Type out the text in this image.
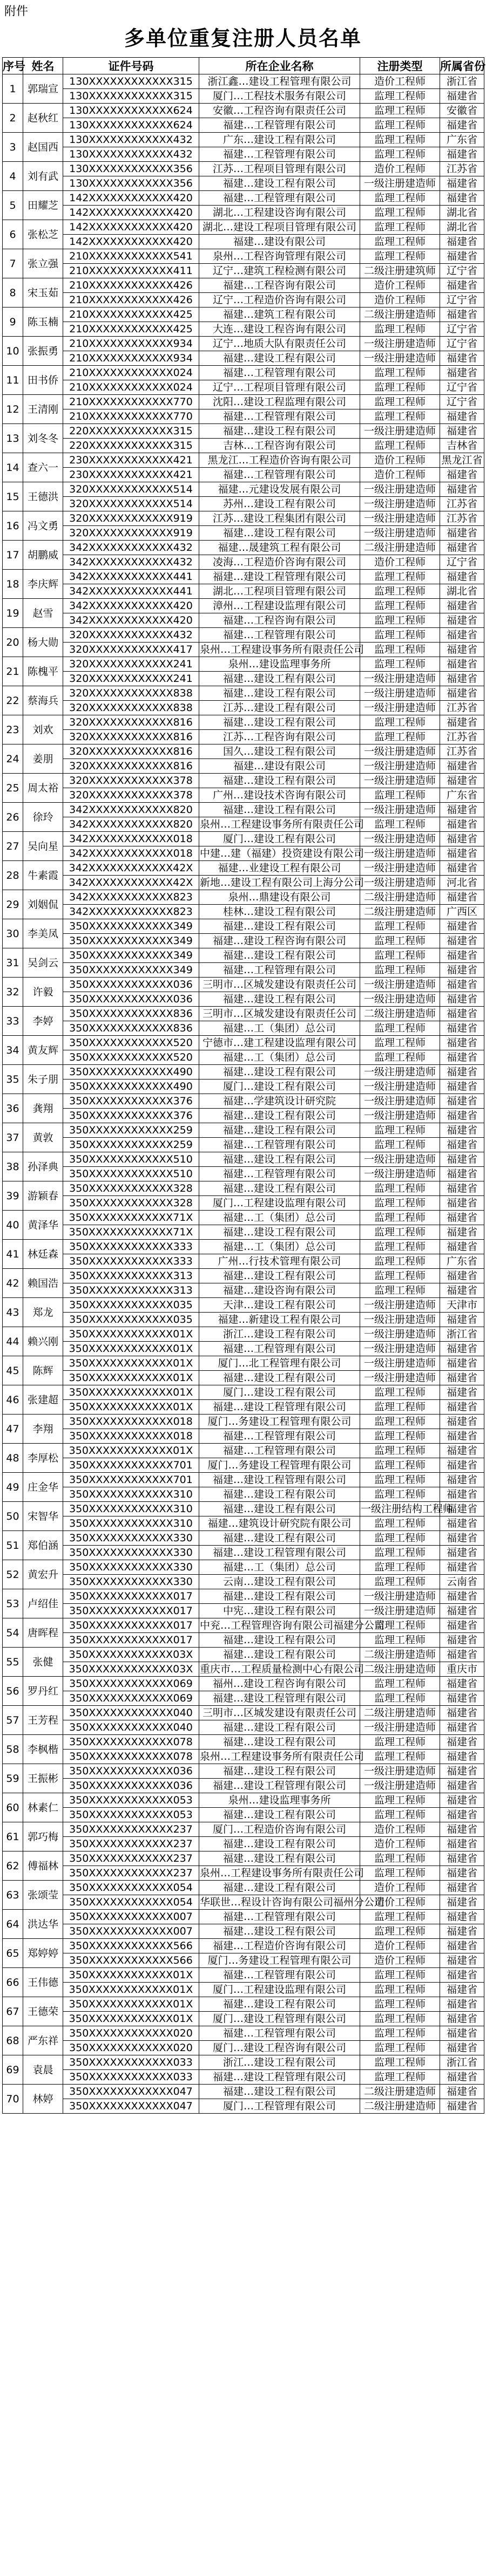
附件
多单位重复注册人员名单
序号	姓名	证件号码	所在企业名称	注册类型	所属省份
1	郭瑞宣	130XXXXXXXXXXXX315	浙江鑫…建设工程管理有限公司	造价工程师	浙江省
		130XXXXXXXXXXXX315	厦门…工程技术服务有限公司	监理工程师	福建省
2	赵秋红	130XXXXXXXXXXXX624	安徽…工程咨询有限责任公司	监理工程师	安徽省
		130XXXXXXXXXXXX624	福建…工程管理有限公司	监理工程师	福建省
3	赵国西	130XXXXXXXXXXXX432	广东…建设工程有限公司	监理工程师	广东省
		130XXXXXXXXXXXX432	福建…工程管理有限公司	监理工程师	福建省
4	刘有武	130XXXXXXXXXXXX356	江苏…工程项目管理有限公司	造价工程师	江苏省
		130XXXXXXXXXXXX356	福建…建设工程有限公司	一级注册建造师	福建省
5	田耀芝	142XXXXXXXXXXXX420	福建…工程管理有限公司	监理工程师	福建省
		142XXXXXXXXXXXX420	湖北…工程建设咨询有限公司	监理工程师	湖北省
6	张松芝	142XXXXXXXXXXXX420	湖北…建设工程项目管理有限公司	监理工程师	湖北省
		142XXXXXXXXXXXX420	福建…建设有限公司	监理工程师	福建省
7	张立强	210XXXXXXXXXXXX541	泉州…工程咨询管理有限公司	监理工程师	福建省
		210XXXXXXXXXXXX411	辽宁…建筑工程检测有限公司	二级注册建筑师	辽宁省
8	宋玉茹	210XXXXXXXXXXXX426	福建…工程咨询有限公司	造价工程师	福建省
		210XXXXXXXXXXXX426	辽宁…工程造价咨询有限公司	造价工程师	辽宁省
9	陈玉楠	210XXXXXXXXXXXX425	福建…建筑工程有限公司	二级注册建造师	福建省
		210XXXXXXXXXXXX425	大连…建设工程咨询有限公司	监理工程师	辽宁省
10	张振勇	210XXXXXXXXXXXX934	辽宁…地质大队有限责任公司	一级注册建造师	辽宁省
		210XXXXXXXXXXXX934	福建…建设工程有限公司	一级注册建造师	福建省
11	田书侨	210XXXXXXXXXXXX024	福建…工程管理有限公司	监理工程师	福建省
		210XXXXXXXXXXXX024	辽宁…工程项目管理有限公司	监理工程师	辽宁省
12	王清刚	210XXXXXXXXXXXX770	沈阳…建设工程监理有限公司	监理工程师	辽宁省
		210XXXXXXXXXXXX770	福建…工程管理有限公司	监理工程师	福建省
13	刘冬冬	220XXXXXXXXXXXX315	福建…建设工程有限公司	一级注册建造师	福建省
		220XXXXXXXXXXXX315	吉林…工程咨询有限公司	监理工程师	吉林省
14	查六一	230XXXXXXXXXXXX421	黑龙江…工程造价咨询有限公司	造价工程师	黑龙江省
		230XXXXXXXXXXXX421	福建…工程管理有限公司	造价工程师	福建省
15	王德洪	320XXXXXXXXXXXX514	福建…元建设发展有限公司	一级注册建造师	福建省
		320XXXXXXXXXXXX514	苏州…建设工程有限公司	一级注册建造师	江苏省
16	冯文勇	320XXXXXXXXXXXX919	江苏…建设工程集团有限公司	一级注册建造师	江苏省
		320XXXXXXXXXXXX919	福建…建设工程有限公司	一级注册建造师	福建省
17	胡鹏威	342XXXXXXXXXXXX432	福建…晟建筑工程有限公司	二级注册建造师	福建省
		342XXXXXXXXXXXX432	凌海…工程造价咨询有限公司	造价工程师	辽宁省
18	李庆辉	342XXXXXXXXXXXX441	福建…建设工程管理有限公司	监理工程师	福建省
		342XXXXXXXXXXXX441	湖北…工程项目管理有限公司	监理工程师	湖北省
19	赵雪	342XXXXXXXXXXXX420	漳州…工程建设监理有限公司	监理工程师	福建省
		342XXXXXXXXXXXX420	福建…工程咨询有限公司	监理工程师	福建省
20	杨大勋	320XXXXXXXXXXXX432	福建…工程管理有限公司	监理工程师	福建省
		320XXXXXXXXXXXX417	泉州…工程建设事务所有限责任公司	监理工程师	福建省
21	陈槐平	320XXXXXXXXXXXX241	泉州…建设监理事务所	监理工程师	福建省
		320XXXXXXXXXXXX241	福建…建设工程有限公司	一级注册建造师	福建省
22	蔡海兵	320XXXXXXXXXXXX838	福建…建设工程有限公司	一级注册建造师	福建省
		320XXXXXXXXXXXX838	江苏…建设工程有限公司	一级注册建造师	江苏省
23	刘欢	320XXXXXXXXXXXX816	福建…建设工程有限公司	监理工程师	福建省
		320XXXXXXXXXXXX816	江苏…工程咨询有限公司	监理工程师	江苏省
24	姜朋	320XXXXXXXXXXXX816	国久…建设工程有限公司	一级注册建造师	江苏省
		320XXXXXXXXXXXX816	福建…建设有限公司	一级注册建造师	福建省
25	周太裕	320XXXXXXXXXXXX378	福建…建设工程有限公司	一级注册建造师	福建省
		320XXXXXXXXXXXX378	广州…建设技术咨询有限公司	监理工程师	广东省
26	徐玲	342XXXXXXXXXXXX820	福建…建设工程有限公司	一级注册建造师	福建省
		342XXXXXXXXXXXX820	泉州…工程建设事务所有限责任公司	监理工程师	福建省
27	吴向星	342XXXXXXXXXXXX018	厦门…建设工程有限公司	一级注册建造师	福建省
		342XXXXXXXXXXXX018	中建…建（福建）投资建设有限公司	一级注册建造师	福建省
28	牛素霞	342XXXXXXXXXXXX42X	福建…业建设工程有限公司	一级注册建造师	福建省
		342XXXXXXXXXXXX42X	新地…建设工程有限公司上海分公司	一级注册建造师	河北省
29	刘姻侃	342XXXXXXXXXXXX823	泉州…鼎建设有限公司	二级注册建造师	福建省
		342XXXXXXXXXXXX823	桂林…建设工程有限公司	二级注册建造师	广西区
30	李美凤	350XXXXXXXXXXXX349	福建…建设工程有限公司	监理工程师	福建省
		350XXXXXXXXXXXX349	福建…建设工程咨询有限公司	监理工程师	福建省
31	吴剑云	350XXXXXXXXXXXX349	福建…建设工程有限公司	监理工程师	福建省
		350XXXXXXXXXXXX349	福建…工程管理有限公司	监理工程师	福建省
32	许毅	350XXXXXXXXXXXX036	三明市…区城发建设有限责任公司	一级注册建造师	福建省
		350XXXXXXXXXXXX036	福建…建设工程有限公司	一级注册建造师	福建省
33	李婷	350XXXXXXXXXXXX836	三明市…区城发建设有限责任公司	二级注册建造师	福建省
		350XXXXXXXXXXXX836	福建…工（集团）总公司	监理工程师	福建省
34	黄友辉	350XXXXXXXXXXXX520	宁德市…建工程建设监理有限公司	监理工程师	福建省
		350XXXXXXXXXXXX520	福建…工（集团）总公司	监理工程师	福建省
35	朱子朋	350XXXXXXXXXXXX490	福建…建设工程有限公司	一级注册建造师	福建省
		350XXXXXXXXXXXX490	厦门…建设工程有限公司	一级注册建造师	福建省
36	龚翔	350XXXXXXXXXXXX376	福建…学建筑设计研究院	一级注册建造师	福建省
		350XXXXXXXXXXXX376	福建…建设工程有限公司	一级注册建造师	福建省
37	黄敦	350XXXXXXXXXXXX259	福建…建设工程有限公司	监理工程师	福建省
		350XXXXXXXXXXXX259	福建…工程管理有限公司	监理工程师	福建省
38	孙泽典	350XXXXXXXXXXXX510	福建…建设工程有限公司	一级注册建造师	福建省
		350XXXXXXXXXXXX510	福建…工程管理有限公司	一级注册建造师	福建省
39	游颖春	350XXXXXXXXXXXX328	福建…建设工程有限公司	监理工程师	福建省
		350XXXXXXXXXXXX328	厦门…工程建设监理有限公司	监理工程师	福建省
40	黄泽华	350XXXXXXXXXXXX71X	福建…工（集团）总公司	监理工程师	福建省
		350XXXXXXXXXXXX71X	福建…建设工程有限公司	监理工程师	福建省
41	林廷森	350XXXXXXXXXXXX333	福建…工（集团）总公司	监理工程师	福建省
		350XXXXXXXXXXXX333	广州…行技术管理有限公司	监理工程师	广东省
42	赖国浩	350XXXXXXXXXXXX313	福建…建设工程有限公司	监理工程师	福建省
		350XXXXXXXXXXXX313	福建…建设咨询有限公司	监理工程师	福建省
43	郑龙	350XXXXXXXXXXXX035	天津…建设工程有限公司	一级注册建造师	天津市
		350XXXXXXXXXXXX035	福建…新建设工程有限公司	一级注册建造师	福建省
44	赖兴刚	350XXXXXXXXXXXX01X	浙江…建设工程有限公司	一级注册建造师	浙江省
		350XXXXXXXXXXXX01X	福建…工程管理有限公司	一级注册建造师	福建省
45	陈辉	350XXXXXXXXXXXX01X	厦门…北工程管理有限公司	一级注册建造师	福建省
		350XXXXXXXXXXXX01X	福建…建设工程有限公司	一级注册建造师	福建省
46	张建超	350XXXXXXXXXXXX01X	厦门…建设工程有限公司	监理工程师	福建省
		350XXXXXXXXXXXX01X	福建…建设工程管理有限公司	监理工程师	福建省
47	李翔	350XXXXXXXXXXXX018	厦门…务建设工程管理有限公司	监理工程师	福建省
		350XXXXXXXXXXXX018	福建…工程管理有限公司	监理工程师	福建省
48	李厚松	350XXXXXXXXXXXX01X	福建…工程管理有限公司	监理工程师	福建省
		350XXXXXXXXXXXX701	厦门…务建设工程管理有限公司	监理工程师	福建省
49	庄金华	350XXXXXXXXXXXX701	福建…建设工程管理有限公司	监理工程师	福建省
		350XXXXXXXXXXXX310	福建…建设工程有限公司	监理工程师	福建省
50	宋智华	350XXXXXXXXXXXX310	福建…建设工程有限公司	一级注册结构工程师	福建省
		350XXXXXXXXXXXX310	福建…建筑设计研究院有限公司	监理工程师	福建省
51	郑伯涵	350XXXXXXXXXXXX330	福建…建设工程有限公司	监理工程师	福建省
		350XXXXXXXXXXXX330	福建…建设工程管理有限公司	监理工程师	福建省
52	黄宏升	350XXXXXXXXXXXX330	福建…工（集团）总公司	监理工程师	福建省
		350XXXXXXXXXXXX330	云南…建设工程有限公司	监理工程师	云南省
53	卢绍佳	350XXXXXXXXXXXX017	福建…建设工程有限公司	一级注册建造师	福建省
		350XXXXXXXXXXXX017	中宪…建设工程有限公司	一级注册建造师	福建省
54	唐晖程	350XXXXXXXXXXXX017	中兖…工程管理咨询有限公司福建分公司	监理工程师	福建省
		350XXXXXXXXXXXX017	福建…建设工程有限公司	监理工程师	福建省
55	张健	350XXXXXXXXXXXX03X	福建…建设工程有限公司	二级注册建造师	福建省
		350XXXXXXXXXXXX03X	重庆市…工程质量检测中心有限公司	二级注册建造师	重庆市
56	罗丹红	350XXXXXXXXXXXX069	福州…建设工程咨询有限公司	监理工程师	福建省
		350XXXXXXXXXXXX069	福建…建设工程管理有限公司	监理工程师	福建省
57	王芳程	350XXXXXXXXXXXX040	三明市…区城发建设有限责任公司	二级注册建造师	福建省
		350XXXXXXXXXXXX040	福建…建设工程有限公司	一级注册建造师	福建省
58	李枫楷	350XXXXXXXXXXXX078	福建…建设工程有限公司	监理工程师	福建省
		350XXXXXXXXXXXX078	泉州…工程建设事务所有限责任公司	监理工程师	福建省
59	王振彬	350XXXXXXXXXXXX036	福建…建设工程有限公司	一级注册建造师	福建省
		350XXXXXXXXXXXX036	福建…建设工程管理有限公司	一级注册建造师	福建省
60	林素仁	350XXXXXXXXXXXX053	泉州…建设监理事务所	监理工程师	福建省
		350XXXXXXXXXXXX053	福建…建设工程有限公司	监理工程师	福建省
61	郭巧梅	350XXXXXXXXXXXX237	厦门…工程造价咨询有限公司	造价工程师	福建省
		350XXXXXXXXXXXX237	福建…建设工程有限公司	造价工程师	福建省
62	傅福林	350XXXXXXXXXXXX237	福建…建设工程有限公司	监理工程师	福建省
		350XXXXXXXXXXXX237	泉州…工程建设事务所有限责任公司	监理工程师	福建省
63	张颂莹	350XXXXXXXXXXXX054	福建…建设工程有限公司	造价工程师	福建省
		350XXXXXXXXXXXX054	华联世…程设计咨询有限公司福州分公司	造价工程师	福建省
64	洪达华	350XXXXXXXXXXXX007	福建…工程管理有限公司	监理工程师	福建省
		350XXXXXXXXXXXX007	福建…建设工程有限公司	监理工程师	福建省
65	郑婷婷	350XXXXXXXXXXXX566	福建…工程造价咨询有限公司	造价工程师	福建省
		350XXXXXXXXXXXX566	厦门…务建设工程管理有限公司	造价工程师	福建省
66	王伟德	350XXXXXXXXXXXX01X	福建…工程管理有限公司	监理工程师	福建省
		350XXXXXXXXXXXX01X	厦门…工程建设监理有限公司	监理工程师	福建省
67	王德荣	350XXXXXXXXXXXX01X	福建…建设工程有限公司	监理工程师	福建省
		350XXXXXXXXXXXX01X	厦门…建设工程管理有限公司	监理工程师	福建省
68	严东祥	350XXXXXXXXXXXX020	福建…工程管理有限公司	监理工程师	福建省
		350XXXXXXXXXXXX020	厦门…建设工程咨询有限公司	监理工程师	福建省
69	袁晨	350XXXXXXXXXXXX033	浙江…建设工程有限公司	监理工程师	浙江省
		350XXXXXXXXXXXX033	福建…建设工程管理有限公司	监理工程师	福建省
70	林婷	350XXXXXXXXXXXX047	福建…建设工程有限公司	二级注册建造师	福建省
		350XXXXXXXXXXXX047	厦门…工程管理有限公司	二级注册建造师	福建省
